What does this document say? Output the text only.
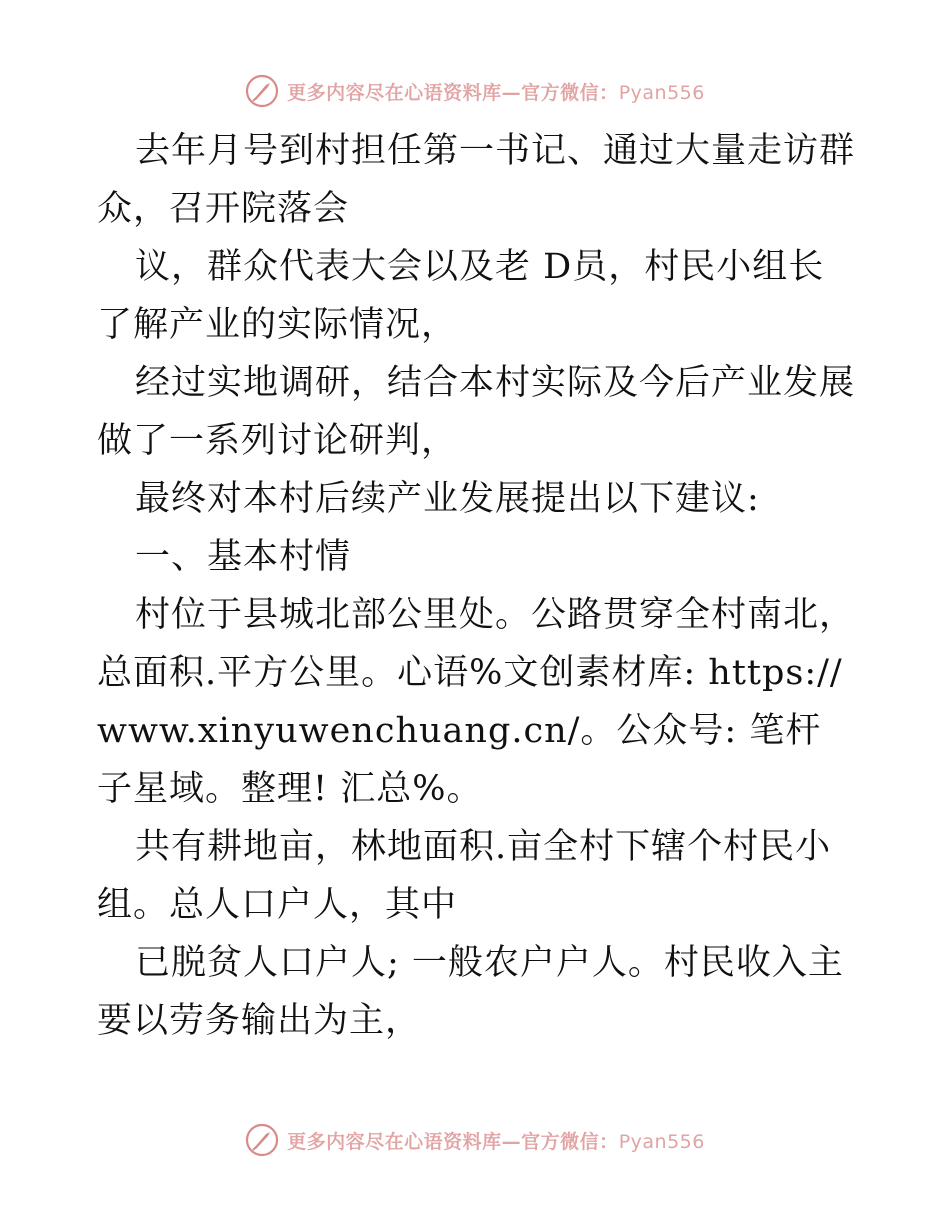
更多内容尽在心语资料库—官方微信：Pyan556

去年月号到村担任第一书记、通过大量走访群众，召开院落会

议，群众代表大会以及老 D员，村民小组长了解产业的实际情况，

经过实地调研，结合本村实际及今后产业发展做了一系列讨论研判，

最终对本村后续产业发展提出以下建议:

一、基本村情

村位于县城北部公里处。公路贯穿全村南北，总面积.平方公里。心语%文创素材库: https:// www.xinyuwenchuang.cn/。公众号: 笔杆子星域。整理! 汇总%。

共有耕地亩，林地面积.亩全村下辖个村民小组。总人口户人，其中

已脱贫人口户人; 一般农户户人。村民收入主要以劳务输出为主，

更多内容尽在心语资料库—官方微信：Pyan556
